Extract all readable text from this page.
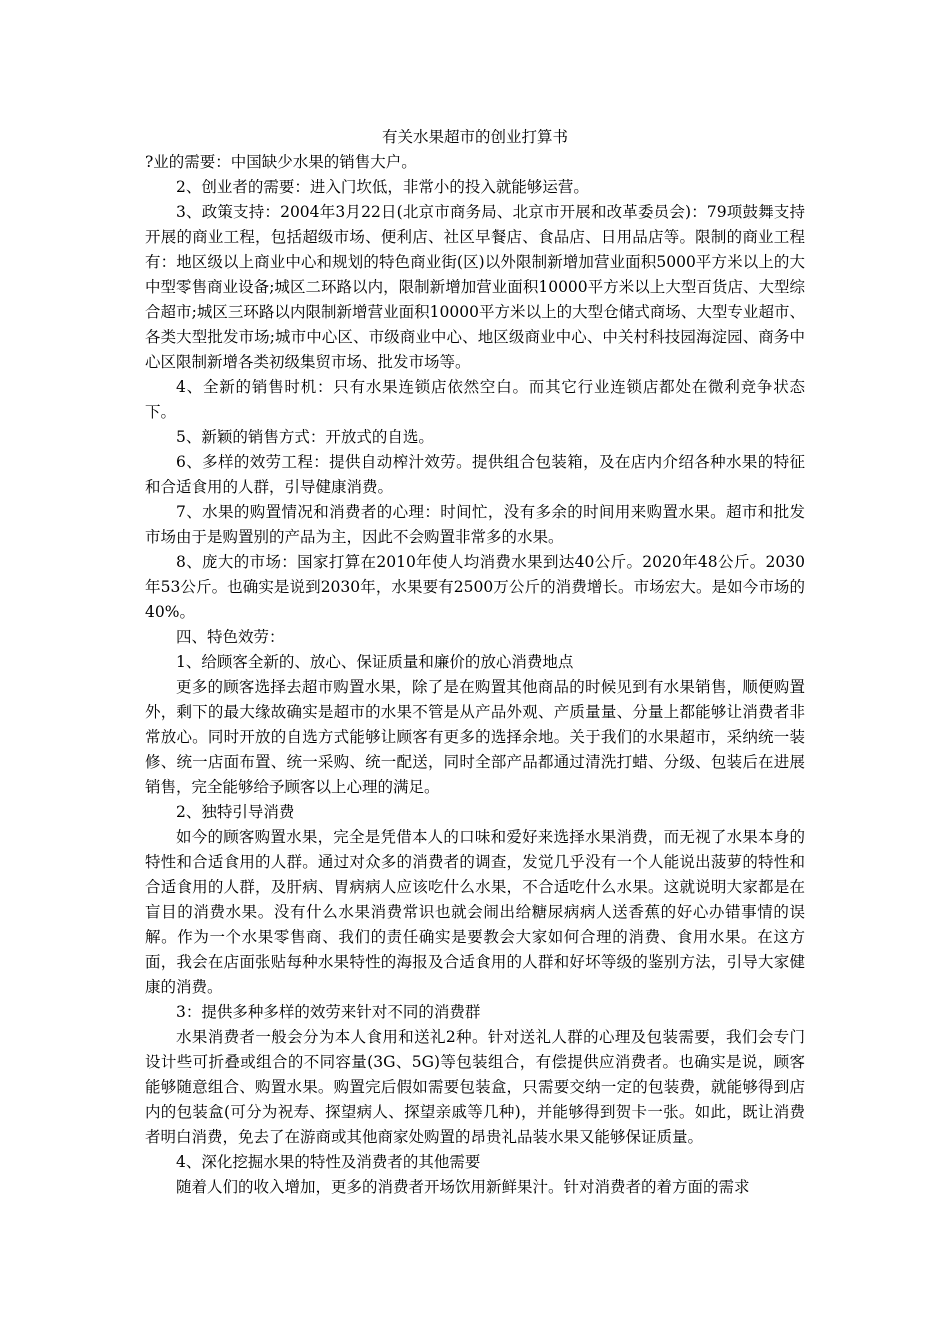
有关水果超市的创业打算书

?业的需要：中国缺少水果的销售大户。

2、创业者的需要：进入门坎低，非常小的投入就能够运营。

3、政策支持：2004年3月22日(北京市商务局、北京市开展和改革委员会)：79项鼓舞支持开展的商业工程，包括超级市场、便利店、社区早餐店、食品店、日用品店等。限制的商业工程有：地区级以上商业中心和规划的特色商业街(区)以外限制新增加营业面积5000平方米以上的大中型零售商业设备;城区二环路以内，限制新增加营业面积10000平方米以上大型百货店、大型综合超市;城区三环路以内限制新增营业面积10000平方米以上的大型仓储式商场、大型专业超市、各类大型批发市场;城市中心区、市级商业中心、地区级商业中心、中关村科技园海淀园、商务中心区限制新增各类初级集贸市场、批发市场等。

4、全新的销售时机：只有水果连锁店依然空白。而其它行业连锁店都处在微利竞争状态下。

5、新颖的销售方式：开放式的自选。

6、多样的效劳工程：提供自动榨汁效劳。提供组合包装箱，及在店内介绍各种水果的特征和合适食用的人群，引导健康消费。

7、水果的购置情况和消费者的心理：时间忙，没有多余的时间用来购置水果。超市和批发市场由于是购置别的产品为主，因此不会购置非常多的水果。

8、庞大的市场：国家打算在2010年使人均消费水果到达40公斤。2020年48公斤。2030年53公斤。也确实是说到2030年，水果要有2500万公斤的消费增长。市场宏大。是如今市场的40%。

四、特色效劳：

1、给顾客全新的、放心、保证质量和廉价的放心消费地点

更多的顾客选择去超市购置水果，除了是在购置其他商品的时候见到有水果销售，顺便购置外，剩下的最大缘故确实是超市的水果不管是从产品外观、产质量量、分量上都能够让消费者非常放心。同时开放的自选方式能够让顾客有更多的选择余地。关于我们的水果超市，采纳统一装修、统一店面布置、统一采购、统一配送，同时全部产品都通过清洗打蜡、分级、包装后在进展销售，完全能够给予顾客以上心理的满足。

2、独特引导消费

如今的顾客购置水果，完全是凭借本人的口味和爱好来选择水果消费，而无视了水果本身的特性和合适食用的人群。通过对众多的消费者的调查，发觉几乎没有一个人能说出菠萝的特性和合适食用的人群，及肝病、胃病病人应该吃什么水果，不合适吃什么水果。这就说明大家都是在盲目的消费水果。没有什么水果消费常识也就会闹出给糖尿病病人送香蕉的好心办错事情的误解。作为一个水果零售商、我们的责任确实是要教会大家如何合理的消费、食用水果。在这方面，我会在店面张贴每种水果特性的海报及合适食用的人群和好坏等级的鉴别方法，引导大家健康的消费。

3：提供多种多样的效劳来针对不同的消费群

水果消费者一般会分为本人食用和送礼2种。针对送礼人群的心理及包装需要，我们会专门设计些可折叠或组合的不同容量(3G、5G)等包装组合，有偿提供应消费者。也确实是说，顾客能够随意组合、购置水果。购置完后假如需要包装盒，只需要交纳一定的包装费，就能够得到店内的包装盒(可分为祝寿、探望病人、探望亲戚等几种)，并能够得到贺卡一张。如此，既让消费者明白消费，免去了在游商或其他商家处购置的昂贵礼品装水果又能够保证质量。

4、深化挖掘水果的特性及消费者的其他需要

随着人们的收入增加，更多的消费者开场饮用新鲜果汁。针对消费者的着方面的需求
